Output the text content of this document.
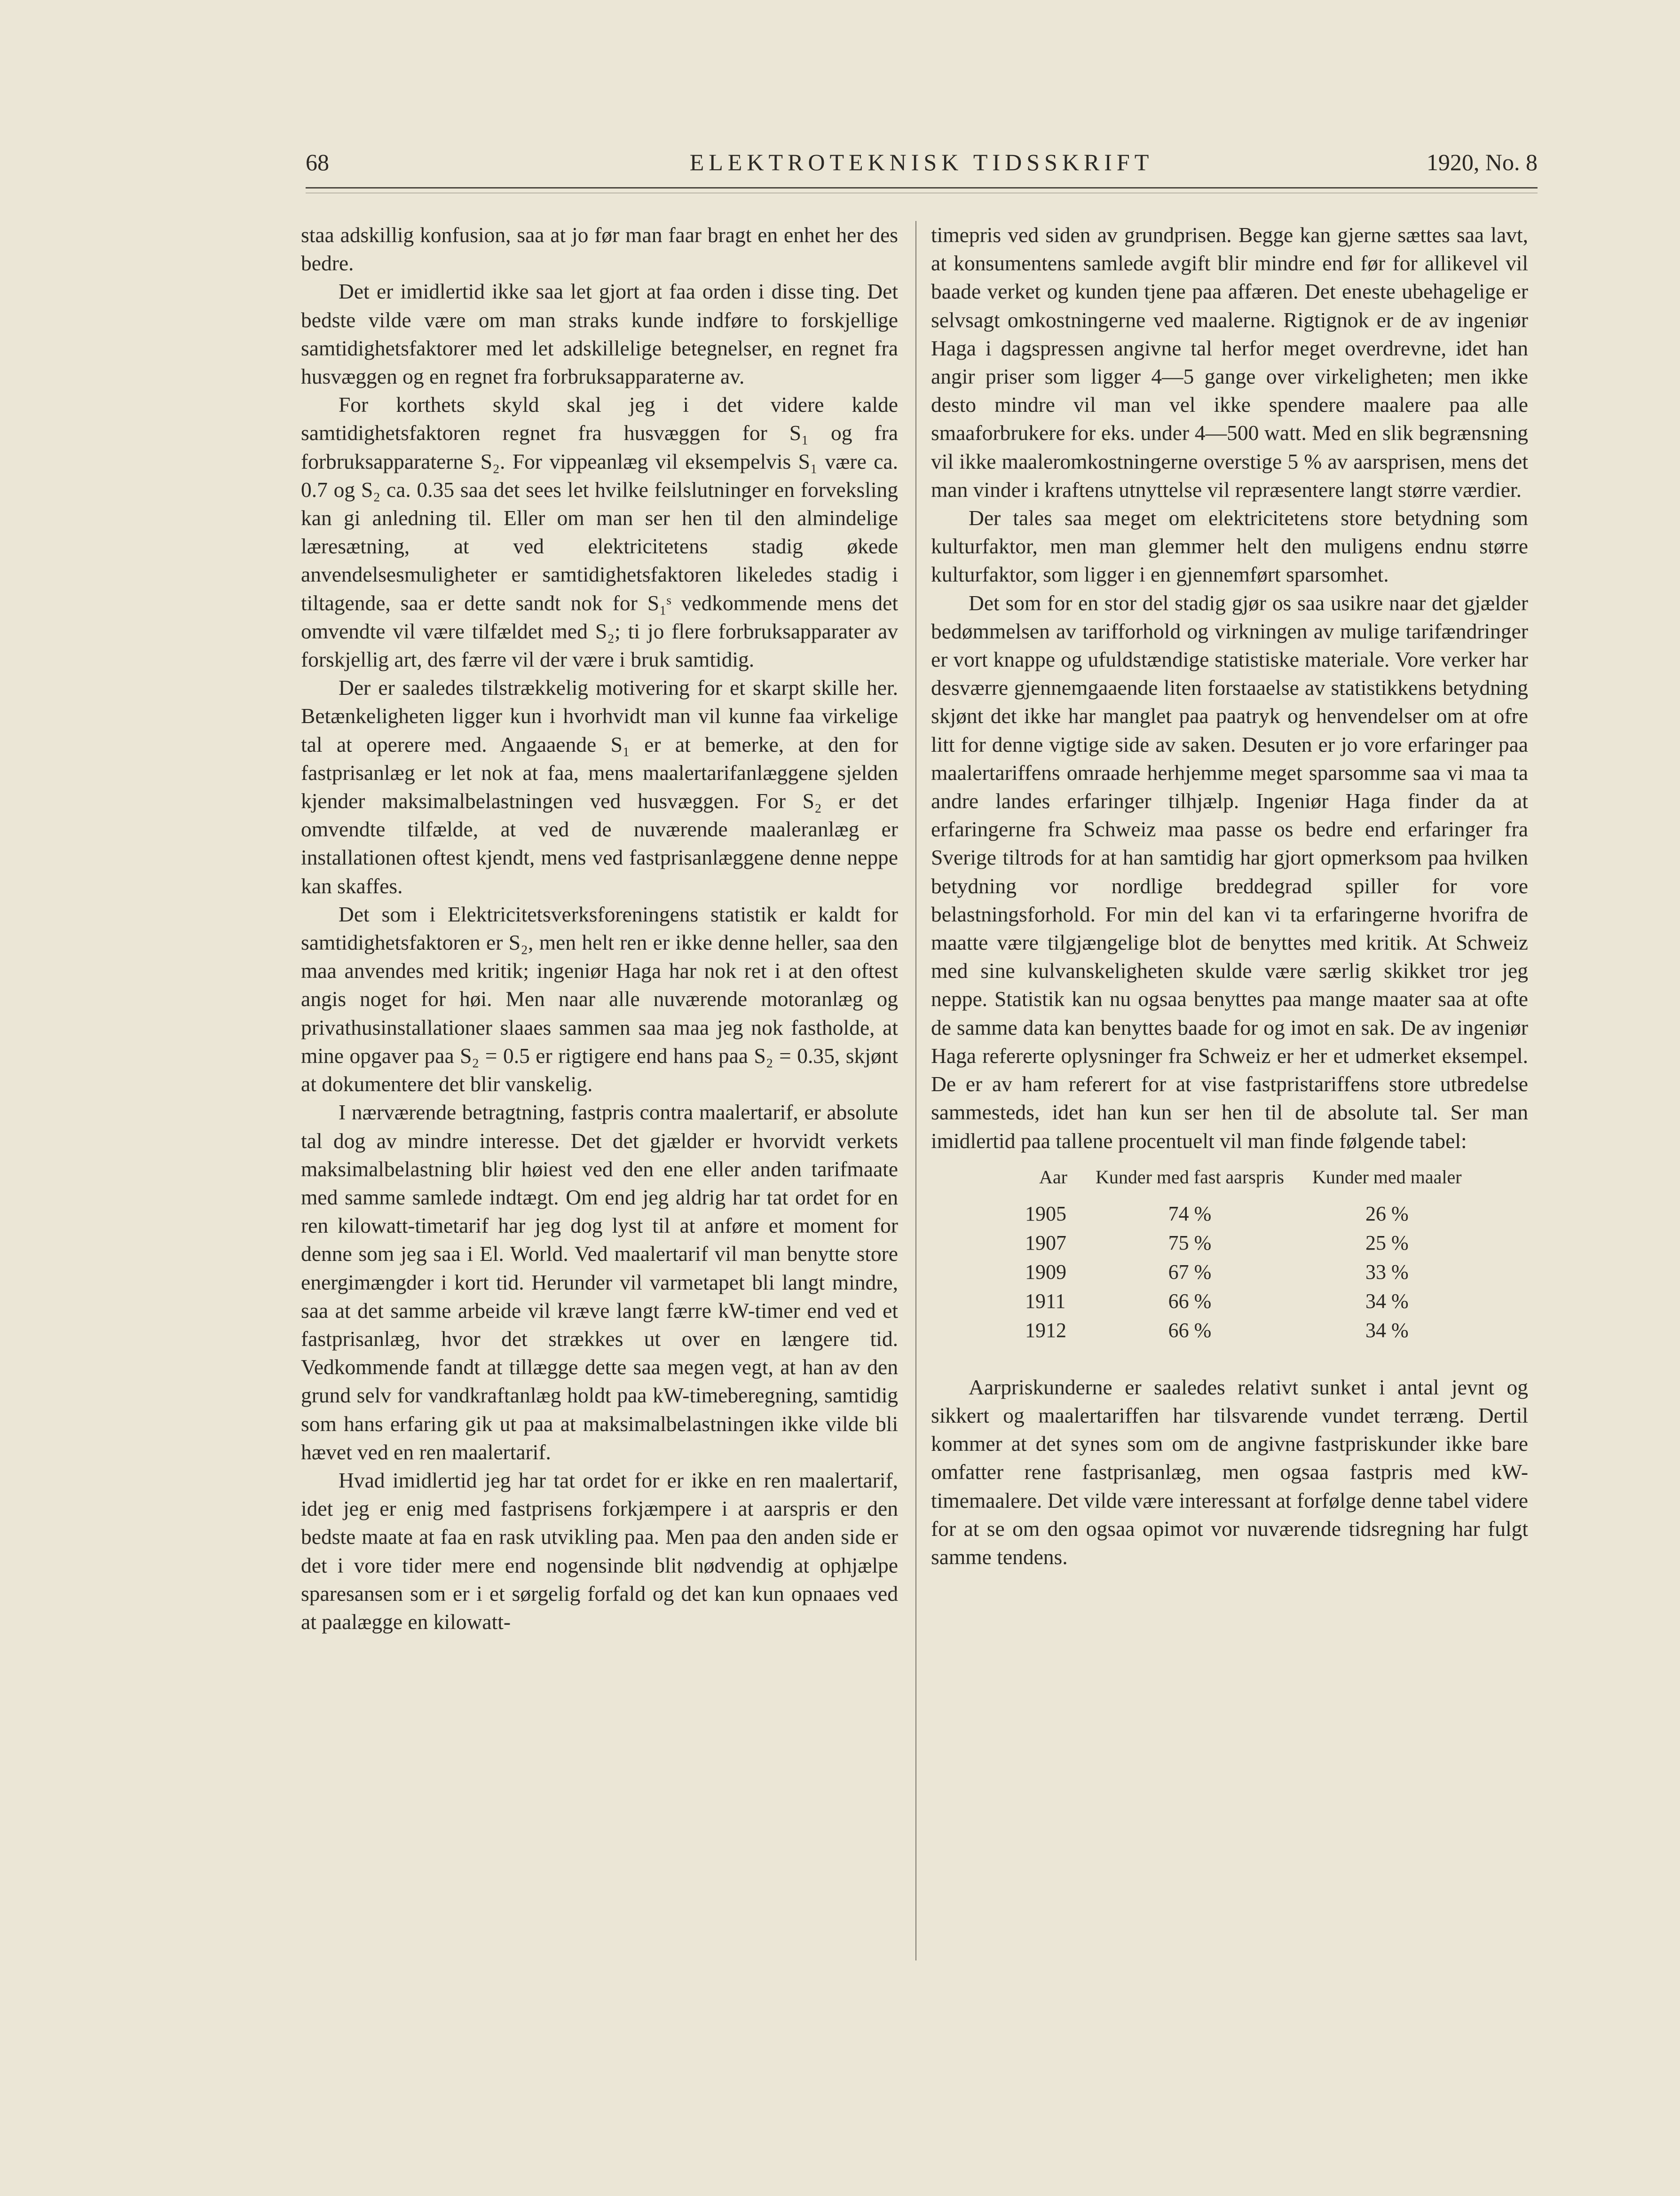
68	ELEKTROTEKNISK TIDSSKRIFT	1920, No. 8

staa adskillig konfusion, saa at jo før man faar bragt en enhet her des bedre.

Det er imidlertid ikke saa let gjort at faa orden i disse ting. Det bedste vilde være om man straks kunde indføre to forskjellige samtidighetsfaktorer med let adskillelige betegnelser, en regnet fra husvæggen og en regnet fra forbruksapparaterne av.

For korthets skyld skal jeg i det videre kalde samtidighetsfaktoren regnet fra husvæggen for S₁ og fra forbruksapparaterne S₂. For vippeanlæg vil eksempelvis S₁ være ca. 0.7 og S₂ ca. 0.35 saa det sees let hvilke feilslutninger en forveksling kan gi anledning til. Eller om man ser hen til den almindelige læresætning, at ved elektricitetens stadig økede anvendelsesmuligheter er samtidighetsfaktoren likeledes stadig i tiltagende, saa er dette sandt nok for S₁ˢ vedkommende mens det omvendte vil være tilfældet med S₂; ti jo flere forbruksapparater av forskjellig art, des færre vil der være i bruk samtidig.

Der er saaledes tilstrækkelig motivering for et skarpt skille her. Betænkeligheten ligger kun i hvorhvidt man vil kunne faa virkelige tal at operere med. Angaaende S₁ er at bemerke, at den for fastprisanlæg er let nok at faa, mens maalertarifanlæggene sjelden kjender maksimalbelastningen ved husvæggen. For S₂ er det omvendte tilfælde, at ved de nuværende maaleranlæg er installationen oftest kjendt, mens ved fastprisanlæggene denne neppe kan skaffes.

Det som i Elektricitetsverksforeningens statistik er kaldt for samtidighetsfaktoren er S₂, men helt ren er ikke denne heller, saa den maa anvendes med kritik; ingeniør Haga har nok ret i at den oftest angis noget for høi. Men naar alle nuværende motoranlæg og privathusinstallationer slaaes sammen saa maa jeg nok fastholde, at mine opgaver paa S₂ = 0.5 er rigtigere end hans paa S₂ = 0.35, skjønt at dokumentere det blir vanskelig.

I nærværende betragtning, fastpris contra maalertarif, er absolute tal dog av mindre interesse. Det det gjælder er hvorvidt verkets maksimalbelastning blir høiest ved den ene eller anden tarifmaate med samme samlede indtægt. Om end jeg aldrig har tat ordet for en ren kilowatt-timetarif har jeg dog lyst til at anføre et moment for denne som jeg saa i El. World. Ved maalertarif vil man benytte store energimængder i kort tid. Herunder vil varmetapet bli langt mindre, saa at det samme arbeide vil kræve langt færre kW-timer end ved et fastprisanlæg, hvor det strækkes ut over en længere tid. Vedkommende fandt at tillægge dette saa megen vegt, at han av den grund selv for vandkraftanlæg holdt paa kW-timeberegning, samtidig som hans erfaring gik ut paa at maksimalbelastningen ikke vilde bli hævet ved en ren maalertarif.

Hvad imidlertid jeg har tat ordet for er ikke en ren maalertarif, idet jeg er enig med fastprisens forkjæmpere i at aarspris er den bedste maate at faa en rask utvikling paa. Men paa den anden side er det i vore tider mere end nogensinde blit nødvendig at ophjælpe sparesansen som er i et sørgelig forfald og det kan kun opnaaes ved at paalægge en kilowatt-

timepris ved siden av grundprisen. Begge kan gjerne sættes saa lavt, at konsumentens samlede avgift blir mindre end før for allikevel vil baade verket og kunden tjene paa affæren. Det eneste ubehagelige er selvsagt omkostningerne ved maalerne. Rigtignok er de av ingeniør Haga i dagspressen angivne tal herfor meget overdrevne, idet han angir priser som ligger 4—5 gange over virkeligheten; men ikke desto mindre vil man vel ikke spendere maalere paa alle smaaforbrukere for eks. under 4—500 watt. Med en slik begrænsning vil ikke maaleromkostningerne overstige 5 % av aarsprisen, mens det man vinder i kraftens utnyttelse vil repræsentere langt større værdier.

Der tales saa meget om elektricitetens store betydning som kulturfaktor, men man glemmer helt den muligens endnu større kulturfaktor, som ligger i en gjennemført sparsomhet.

Det som for en stor del stadig gjør os saa usikre naar det gjælder bedømmelsen av tarifforhold og virkningen av mulige tarifændringer er vort knappe og ufuldstændige statistiske materiale. Vore verker har desværre gjennemgaaende liten forstaaelse av statistikkens betydning skjønt det ikke har manglet paa paatryk og henvendelser om at ofre litt for denne vigtige side av saken. Desuten er jo vore erfaringer paa maalertariffens omraade herhjemme meget sparsomme saa vi maa ta andre landes erfaringer tilhjælp. Ingeniør Haga finder da at erfaringerne fra Schweiz maa passe os bedre end erfaringer fra Sverige tiltrods for at han samtidig har gjort opmerksom paa hvilken betydning vor nordlige breddegrad spiller for vore belastningsforhold. For min del kan vi ta erfaringerne hvorifra de maatte være tilgjængelige blot de benyttes med kritik. At Schweiz med sine kulvanskeligheten skulde være særlig skikket tror jeg neppe. Statistik kan nu ogsaa benyttes paa mange maater saa at ofte de samme data kan benyttes baade for og imot en sak. De av ingeniør Haga refererte oplysninger fra Schweiz er her et udmerket eksempel. De er av ham referert for at vise fastpristariffens store utbredelse sammesteds, idet han kun ser hen til de absolute tal. Ser man imidlertid paa tallene procentuelt vil man finde følgende tabel:

Aar	Kunder med fast aarspris	Kunder med maaler
1905	74 %	26 %
1907	75 %	25 %
1909	67 %	33 %
1911	66 %	34 %
1912	66 %	34 %

Aarpriskunderne er saaledes relativt sunket i antal jevnt og sikkert og maalertariffen har tilsvarende vundet terræng. Dertil kommer at det synes som om de angivne fastpriskunder ikke bare omfatter rene fastprisanlæg, men ogsaa fastpris med kW-timemaalere. Det vilde være interessant at forfølge denne tabel videre for at se om den ogsaa opimot vor nuværende tidsregning har fulgt samme tendens.
